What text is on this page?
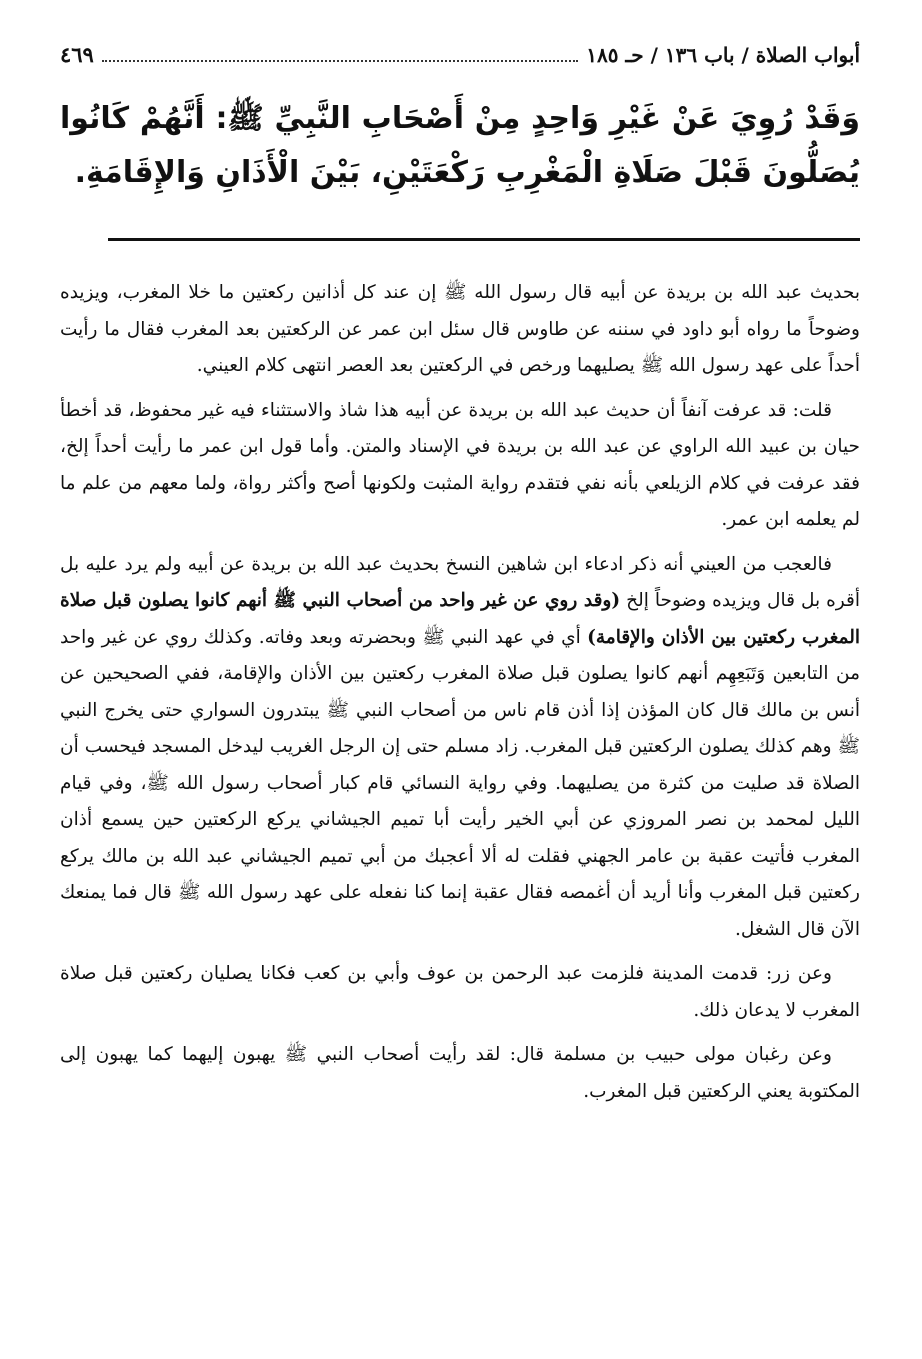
أبواب الصلاة / باب ١٣٦ / حـ ١٨٥
٤٦٩
وَقَدْ رُوِيَ عَنْ غَيْرِ وَاحِدٍ مِنْ أَصْحَابِ النَّبِيِّ ﷺ: أَنَّهُمْ كَانُوا يُصَلُّونَ قَبْلَ صَلَاةِ الْمَغْرِبِ رَكْعَتَيْنِ، بَيْنَ الْأَذَانِ وَالإِقَامَةِ.

بحديث عبد الله بن بريدة عن أبيه قال رسول الله ﷺ إن عند كل أذانين ركعتين ما خلا المغرب، ويزيده وضوحاً ما رواه أبو داود في سننه عن طاوس قال سئل ابن عمر عن الركعتين بعد المغرب فقال ما رأيت أحداً على عهد رسول الله ﷺ يصليهما ورخص في الركعتين بعد العصر انتهى كلام العيني.

قلت: قد عرفت آنفاً أن حديث عبد الله بن بريدة عن أبيه هذا شاذ والاستثناء فيه غير محفوظ، قد أخطأ حيان بن عبيد الله الراوي عن عبد الله بن بريدة في الإسناد والمتن. وأما قول ابن عمر ما رأيت أحداً إلخ، فقد عرفت في كلام الزيلعي بأنه نفي فتقدم رواية المثبت ولكونها أصح وأكثر رواة، ولما معهم من علم ما لم يعلمه ابن عمر.

فالعجب من العيني أنه ذكر ادعاء ابن شاهين النسخ بحديث عبد الله بن بريدة عن أبيه ولم يرد عليه بل أقره بل قال ويزيده وضوحاً إلخ (وقد روي عن غير واحد من أصحاب النبي ﷺ أنهم كانوا يصلون قبل صلاة المغرب ركعتين بين الأذان والإقامة) أي في عهد النبي ﷺ وبحضرته وبعد وفاته. وكذلك روي عن غير واحد من التابعين وَتَبَعِهِم أنهم كانوا يصلون قبل صلاة المغرب ركعتين بين الأذان والإقامة، ففي الصحيحين عن أنس بن مالك قال كان المؤذن إذا أذن قام ناس من أصحاب النبي ﷺ يبتدرون السواري حتى يخرج النبي ﷺ وهم كذلك يصلون الركعتين قبل المغرب. زاد مسلم حتى إن الرجل الغريب ليدخل المسجد فيحسب أن الصلاة قد صليت من كثرة من يصليهما. وفي رواية النسائي قام كبار أصحاب رسول الله ﷺ، وفي قيام الليل لمحمد بن نصر المروزي عن أبي الخير رأيت أبا تميم الجيشاني يركع الركعتين حين يسمع أذان المغرب فأتيت عقبة بن عامر الجهني فقلت له ألا أعجبك من أبي تميم الجيشاني عبد الله بن مالك يركع ركعتين قبل المغرب وأنا أريد أن أغمصه فقال عقبة إنما كنا نفعله على عهد رسول الله ﷺ قال فما يمنعك الآن قال الشغل.

وعن زر: قدمت المدينة فلزمت عبد الرحمن بن عوف وأبي بن كعب فكانا يصليان ركعتين قبل صلاة المغرب لا يدعان ذلك.

وعن رغبان مولى حبيب بن مسلمة قال: لقد رأيت أصحاب النبي ﷺ يهبون إليهما كما يهبون إلى المكتوبة يعني الركعتين قبل المغرب.
